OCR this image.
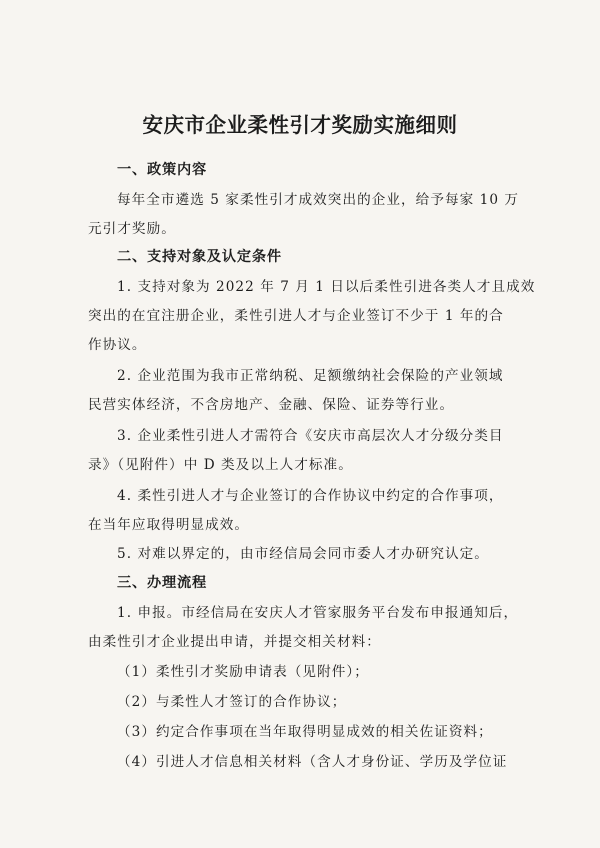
安庆市企业柔性引才奖励实施细则
一、政策内容
每年全市遴选 5 家柔性引才成效突出的企业，给予每家 10 万
元引才奖励。
二、支持对象及认定条件
1. 支持对象为 2022 年 7 月 1 日以后柔性引进各类人才且成效
突出的在宜注册企业，柔性引进人才与企业签订不少于 1 年的合
作协议。
2. 企业范围为我市正常纳税、足额缴纳社会保险的产业领域
民营实体经济，不含房地产、金融、保险、证券等行业。
3. 企业柔性引进人才需符合《安庆市高层次人才分级分类目
录》（见附件）中 D 类及以上人才标准。
4. 柔性引进人才与企业签订的合作协议中约定的合作事项，
在当年应取得明显成效。
5. 对难以界定的，由市经信局会同市委人才办研究认定。
三、办理流程
1. 申报。市经信局在安庆人才管家服务平台发布申报通知后，
由柔性引才企业提出申请，并提交相关材料：
（1）柔性引才奖励申请表（见附件）；
（2）与柔性人才签订的合作协议；
（3）约定合作事项在当年取得明显成效的相关佐证资料；
（4）引进人才信息相关材料（含人才身份证、学历及学位证
